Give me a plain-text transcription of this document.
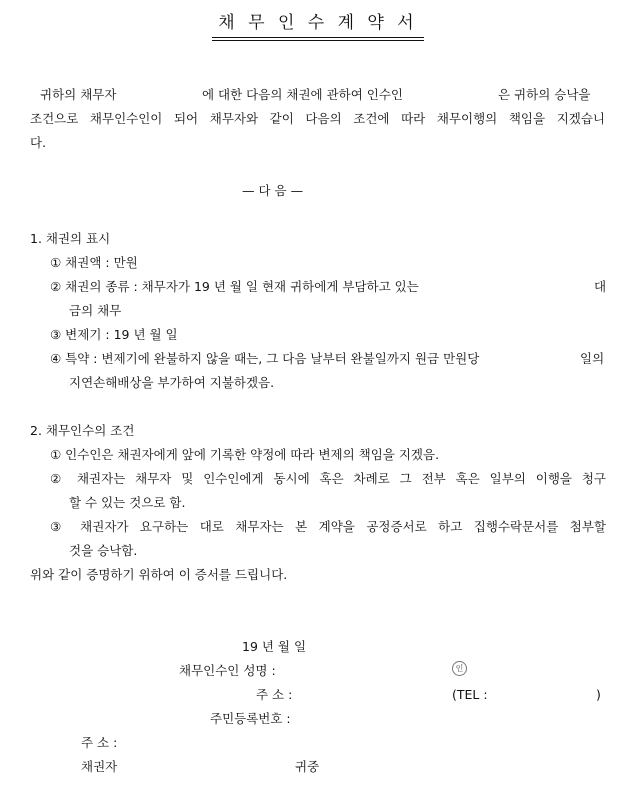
채 무 인 수 계 약 서
귀하의 채무자	에 대한 다음의 채권에 관하여 인수인	은 귀하의 승낙을
조건으로 채무인수인이 되어 채무자와 같이 다음의 조건에 따라 채무이행의 책임을 지겠습니
다.
— 다 음 —
1. 채권의 표시
① 채권액 : 만원
② 채권의 종류 : 채무자가 19 년 월 일 현재 귀하에게 부담하고 있는	대
금의 채무
③ 변제기 : 19 년 월 일
④ 특약 : 변제기에 완불하지 않을 때는, 그 다음 날부터 완불일까지 원금 만원당	일의
지연손해배상을 부가하여 지불하겠음.
2. 채무인수의 조건
① 인수인은 채권자에게 앞에 기록한 약정에 따라 변제의 책임을 지겠음.
② 채권자는 채무자 및 인수인에게 동시에 혹은 차례로 그 전부 혹은 일부의 이행을 청구
할 수 있는 것으로 함.
③ 채권자가 요구하는 대로 채무자는 본 계약을 공정증서로 하고 집행수락문서를 첨부할
것을 승낙함.
위와 같이 증명하기 위하여 이 증서를 드립니다.
19 년 월 일
채무인수인 성명 :	인
주 소 :	(TEL :	)
주민등록번호 :
주 소 :
채권자	귀중
